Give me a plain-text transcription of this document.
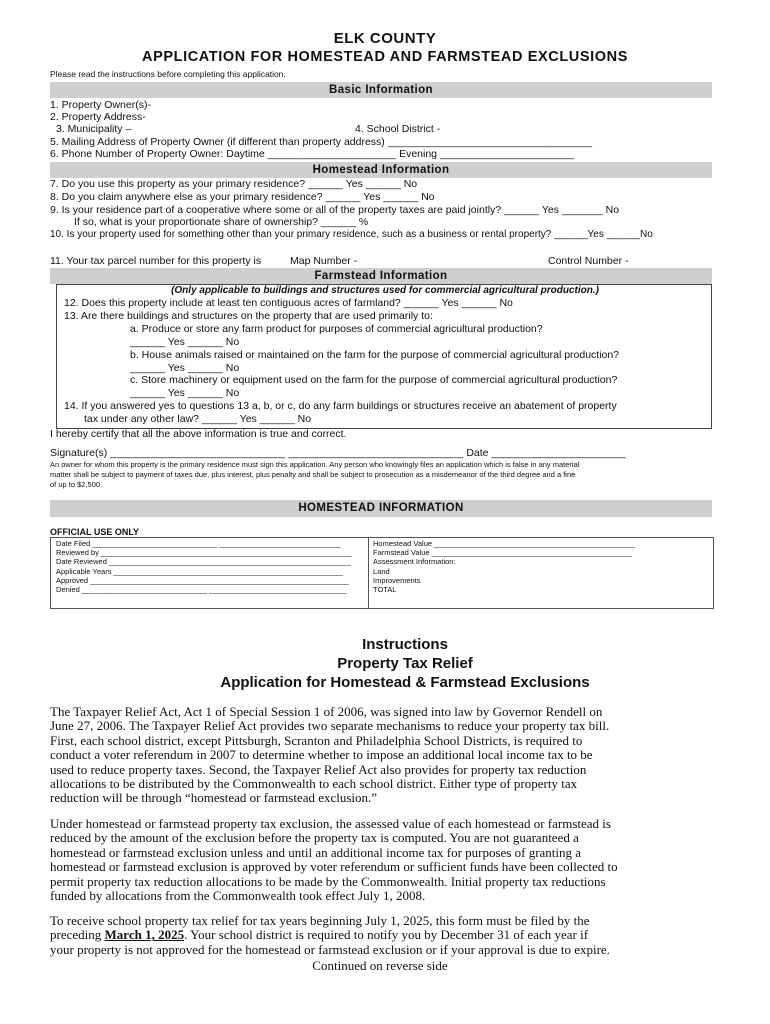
ELK COUNTY
APPLICATION FOR HOMESTEAD AND FARMSTEAD EXCLUSIONS
Please read the instructions before completing this application.
Basic Information
1. Property Owner(s)-
2. Property Address-
3. Municipality –	4. School District -
5. Mailing Address of Property Owner (if different than property address) ___________________________________
6. Phone Number of Property Owner: Daytime ______________________ Evening _______________________
Homestead Information
7. Do you use this property as your primary residence? ______ Yes ______ No
8. Do you claim anywhere else as your primary residence? ______ Yes ______ No
9. Is your residence part of a cooperative where some or all of the property taxes are paid jointly? ______ Yes _______ No
If so, what is your proportionate share of ownership? ______ %
10. Is your property used for something other than your primary residence, such as a business or rental property? ______Yes ______No
11. Your tax parcel number for this property is	Map Number -	Control Number -
Farmstead Information
(Only applicable to buildings and structures used for commercial agricultural production.)
12. Does this property include at least ten contiguous acres of farmland? ______ Yes ______ No
13. Are there buildings and structures on the property that are used primarily to:
a. Produce or store any farm product for purposes of commercial agricultural production?
______ Yes ______ No
b. House animals raised or maintained on the farm for the purpose of commercial agricultural production?
______ Yes ______ No
c. Store machinery or equipment used on the farm for the purpose of commercial agricultural production?
______ Yes ______ No
14. If you answered yes to questions 13 a, b, or c, do any farm buildings or structures receive an abatement of property
tax under any other law? ______ Yes ______ No
I hereby certify that all the above information is true and correct.
Signature(s) ______________________________ ______________________________ Date _______________________
An owner for whom this property is the primary residence must sign this application. Any person who knowingly files an application which is false in any material
matter shall be subject to payment of taxes due, plus interest, plus penalty and shall be subject to prosecution as a misdemeanor of the third degree and a fine
of up to $2,500.
HOMESTEAD INFORMATION
OFFICIAL USE ONLY
Date Filed ______________________________ _____________________________
Reviewed by ____________________________________________________________
Date Reviewed __________________________________________________________
Applicable Years _______________________________________________________
Approved ______________________________________________________________
Denied ______________________________ _________________________________
Homestead Value ________________________________________________
Farmstead Value ________________________________________________
Assessment Information:
Land
Improvements
TOTAL
Instructions
Property Tax Relief
Application for Homestead & Farmstead Exclusions
The Taxpayer Relief Act, Act 1 of Special Session 1 of 2006, was signed into law by Governor Rendell on
June 27, 2006. The Taxpayer Relief Act provides two separate mechanisms to reduce your property tax bill.
First, each school district, except Pittsburgh, Scranton and Philadelphia School Districts, is required to
conduct a voter referendum in 2007 to determine whether to impose an additional local income tax to be
used to reduce property taxes. Second, the Taxpayer Relief Act also provides for property tax reduction
allocations to be distributed by the Commonwealth to each school district. Either type of property tax
reduction will be through “homestead or farmstead exclusion.”
Under homestead or farmstead property tax exclusion, the assessed value of each homestead or farmstead is
reduced by the amount of the exclusion before the property tax is computed. You are not guaranteed a
homestead or farmstead exclusion unless and until an additional income tax for purposes of granting a
homestead or farmstead exclusion is approved by voter referendum or sufficient funds have been collected to
permit property tax reduction allocations to be made by the Commonwealth. Initial property tax reductions
funded by allocations from the Commonwealth took effect July 1, 2008.
To receive school property tax relief for tax years beginning July 1, 2025, this form must be filed by the
preceding March 1, 2025. Your school district is required to notify you by December 31 of each year if
your property is not approved for the homestead or farmstead exclusion or if your approval is due to expire.
Continued on reverse side
